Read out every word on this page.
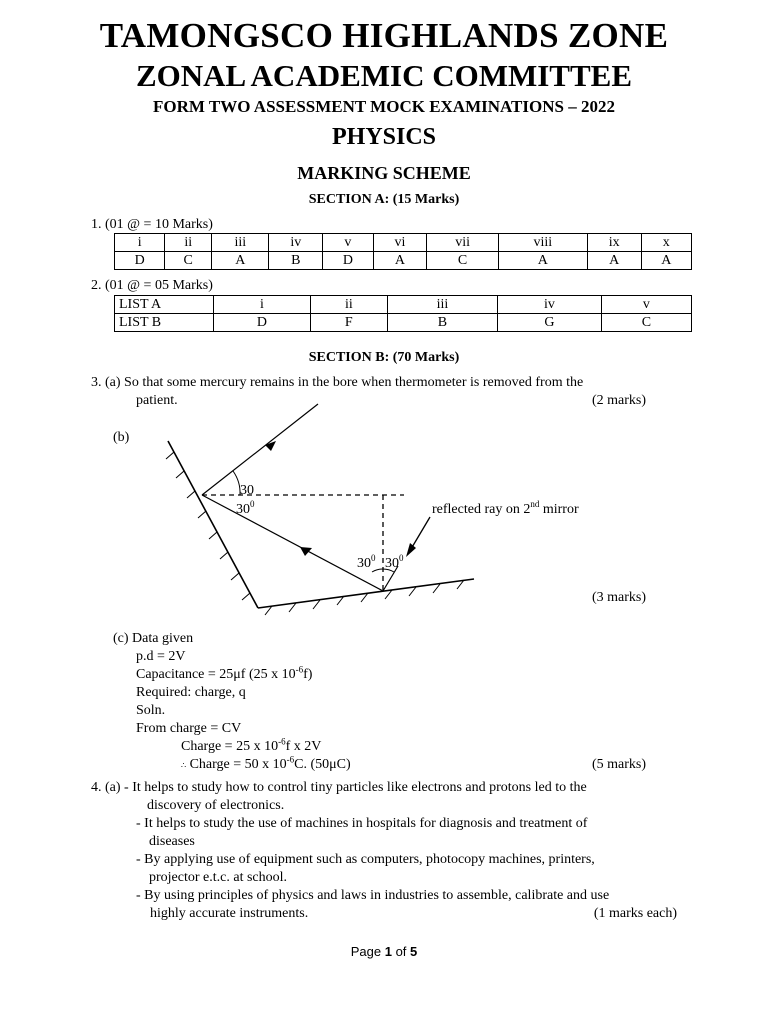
TAMONGSCO HIGHLANDS ZONE
ZONAL ACADEMIC COMMITTEE
FORM TWO ASSESSMENT MOCK EXAMINATIONS – 2022
PHYSICS
MARKING SCHEME
SECTION A: (15 Marks)
1. (01 @ = 10 Marks)
i	ii	iii	iv	v	vi	vii	viii	ix	x
D	C	A	B	D	A	C	A	A	A
2. (01 @ = 05 Marks)
LIST A	i	ii	iii	iv	v
LIST B	D	F	B	G	C
SECTION B: (70 Marks)
3. (a) So that some mercury remains in the bore when thermometer is removed from the
patient.	(2 marks)
(b)
30
$30^0$
$30^0$ $30^0$
reflected ray on 2nd mirror
(3 marks)
(c) Data given
p.d = 2V
Capacitance = 25μf (25 x $10^{-6}f$)
Required: charge, q
Soln.
From charge = CV
Charge = 25 x $10^{-6}f$ x 2V
∴ Charge = 50 x $10^{-6}C$. (50μC)	(5 marks)
4. (a) - It helps to study how to control tiny particles like electrons and protons led to the
discovery of electronics.
- It helps to study the use of machines in hospitals for diagnosis and treatment of
diseases
- By applying use of equipment such as computers, photocopy machines, printers,
projector e.t.c. at school.
- By using principles of physics and laws in industries to assemble, calibrate and use
highly accurate instruments.	(1 marks each)
Page 1 of 5
